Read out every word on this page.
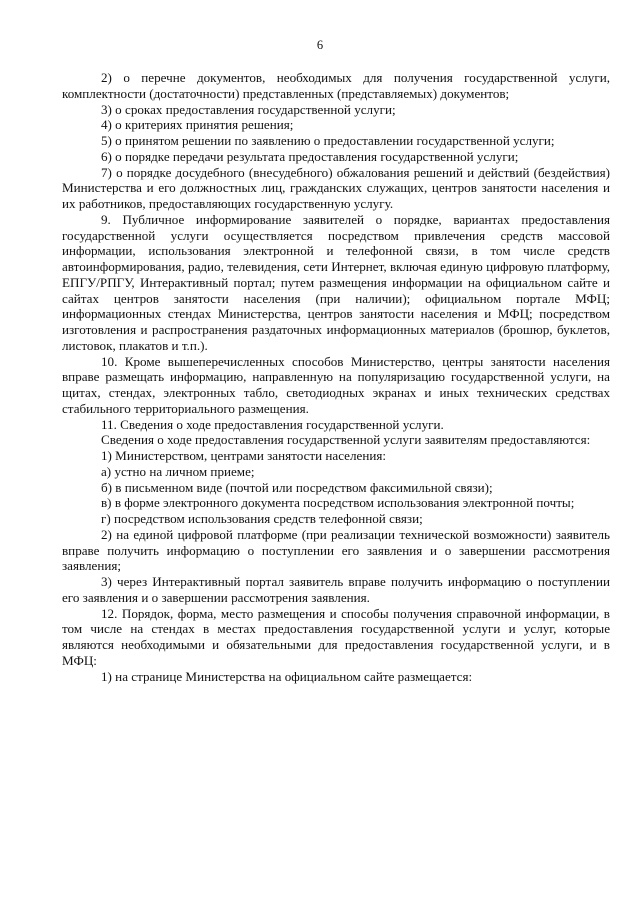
6

2) о перечне документов, необходимых для получения государственной услуги, комплектности (достаточности) представленных (представляемых) документов;

3) о сроках предоставления государственной услуги;

4) о критериях принятия решения;

5) о принятом решении по заявлению о предоставлении государственной услуги;

6) о порядке передачи результата предоставления государственной услуги;

7) о порядке досудебного (внесудебного) обжалования решений и действий (бездействия) Министерства и его должностных лиц, гражданских служащих, центров занятости населения и их работников, предоставляющих государственную услугу.

9. Публичное информирование заявителей о порядке, вариантах предоставления государственной услуги осуществляется посредством привлечения средств массовой информации, использования электронной и телефонной связи, в том числе средств автоинформирования, радио, телевидения, сети Интернет, включая единую цифровую платформу, ЕПГУ/РПГУ, Интерактивный портал; путем размещения информации на официальном сайте и сайтах центров занятости населения (при наличии); официальном портале МФЦ; информационных стендах Министерства, центров занятости населения и МФЦ; посредством изготовления и распространения раздаточных информационных материалов (брошюр, буклетов, листовок, плакатов и т.п.).

10. Кроме вышеперечисленных способов Министерство, центры занятости населения вправе размещать информацию, направленную на популяризацию государственной услуги, на щитах, стендах, электронных табло, светодиодных экранах и иных технических средствах стабильного территориального размещения.

11. Сведения о ходе предоставления государственной услуги.

Сведения о ходе предоставления государственной услуги заявителям предоставляются:

1) Министерством, центрами занятости населения:

а) устно на личном приеме;

б) в письменном виде (почтой или посредством факсимильной связи);

в) в форме электронного документа посредством использования электронной почты;

г) посредством использования средств телефонной связи;

2) на единой цифровой платформе (при реализации технической возможности) заявитель вправе получить информацию о поступлении его заявления и о завершении рассмотрения заявления;

3) через Интерактивный портал заявитель вправе получить информацию о поступлении его заявления и о завершении рассмотрения заявления.

12. Порядок, форма, место размещения и способы получения справочной информации, в том числе на стендах в местах предоставления государственной услуги и услуг, которые являются необходимыми и обязательными для предоставления государственной услуги, и в МФЦ:

1) на странице Министерства на официальном сайте размещается:
